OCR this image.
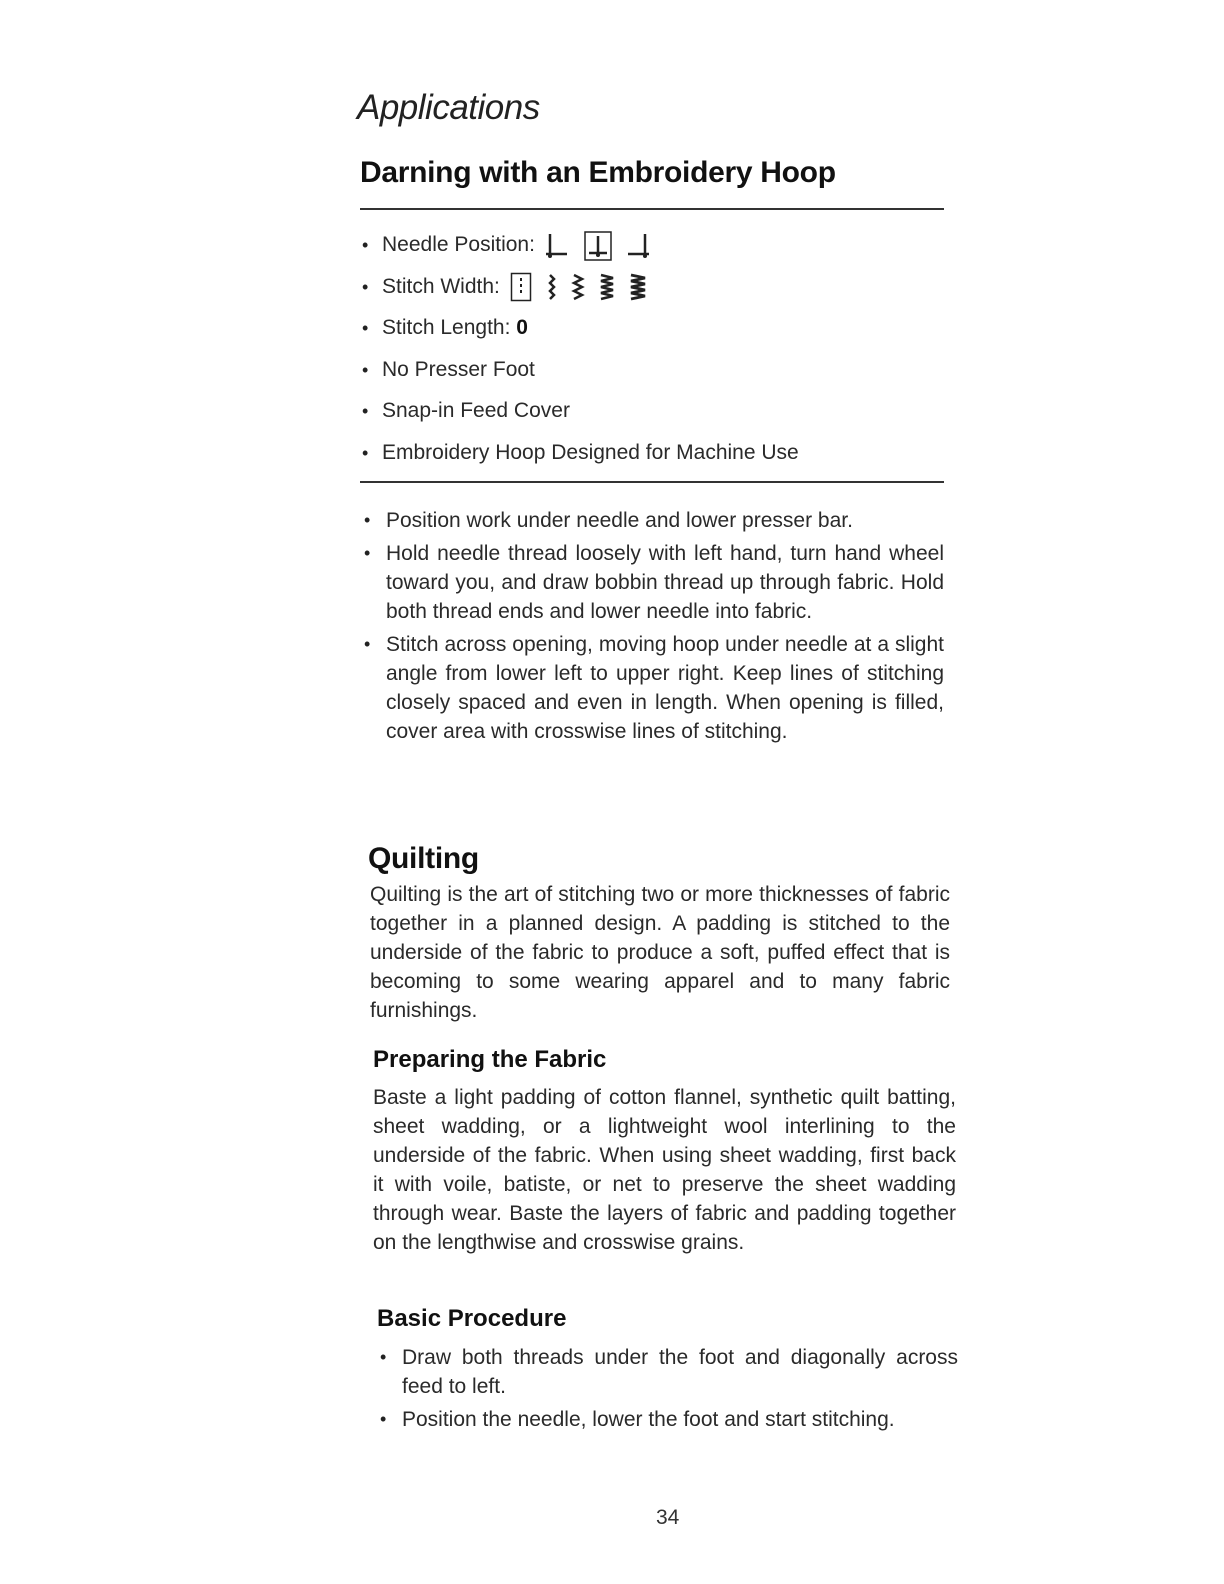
Applications
Darning with an Embroidery Hoop
• Needle Position:
• Stitch Width:
• Stitch Length: 0
• No Presser Foot
• Snap-in Feed Cover
• Embroidery Hoop Designed for Machine Use
• Position work under needle and lower presser bar.
• Hold needle thread loosely with left hand, turn hand wheel toward you, and draw bobbin thread up through fabric. Hold both thread ends and lower needle into fabric.
• Stitch across opening, moving hoop under needle at a slight angle from lower left to upper right. Keep lines of stitching closely spaced and even in length. When opening is filled, cover area with crosswise lines of stitching.
Quilting

Quilting is the art of stitching two or more thicknesses of fabric together in a planned design. A padding is stitched to the underside of the fabric to produce a soft, puffed effect that is becoming to some wearing apparel and to many fabric furnishings.

Preparing the Fabric

Baste a light padding of cotton flannel, synthetic quilt batting, sheet wadding, or a lightweight wool interlining to the underside of the fabric. When using sheet wadding, first back it with voile, batiste, or net to preserve the sheet wadding through wear. Baste the layers of fabric and padding together on the lengthwise and crosswise grains.

Basic Procedure
• Draw both threads under the foot and diagonally across feed to left.
• Position the needle, lower the foot and start stitching.
34
